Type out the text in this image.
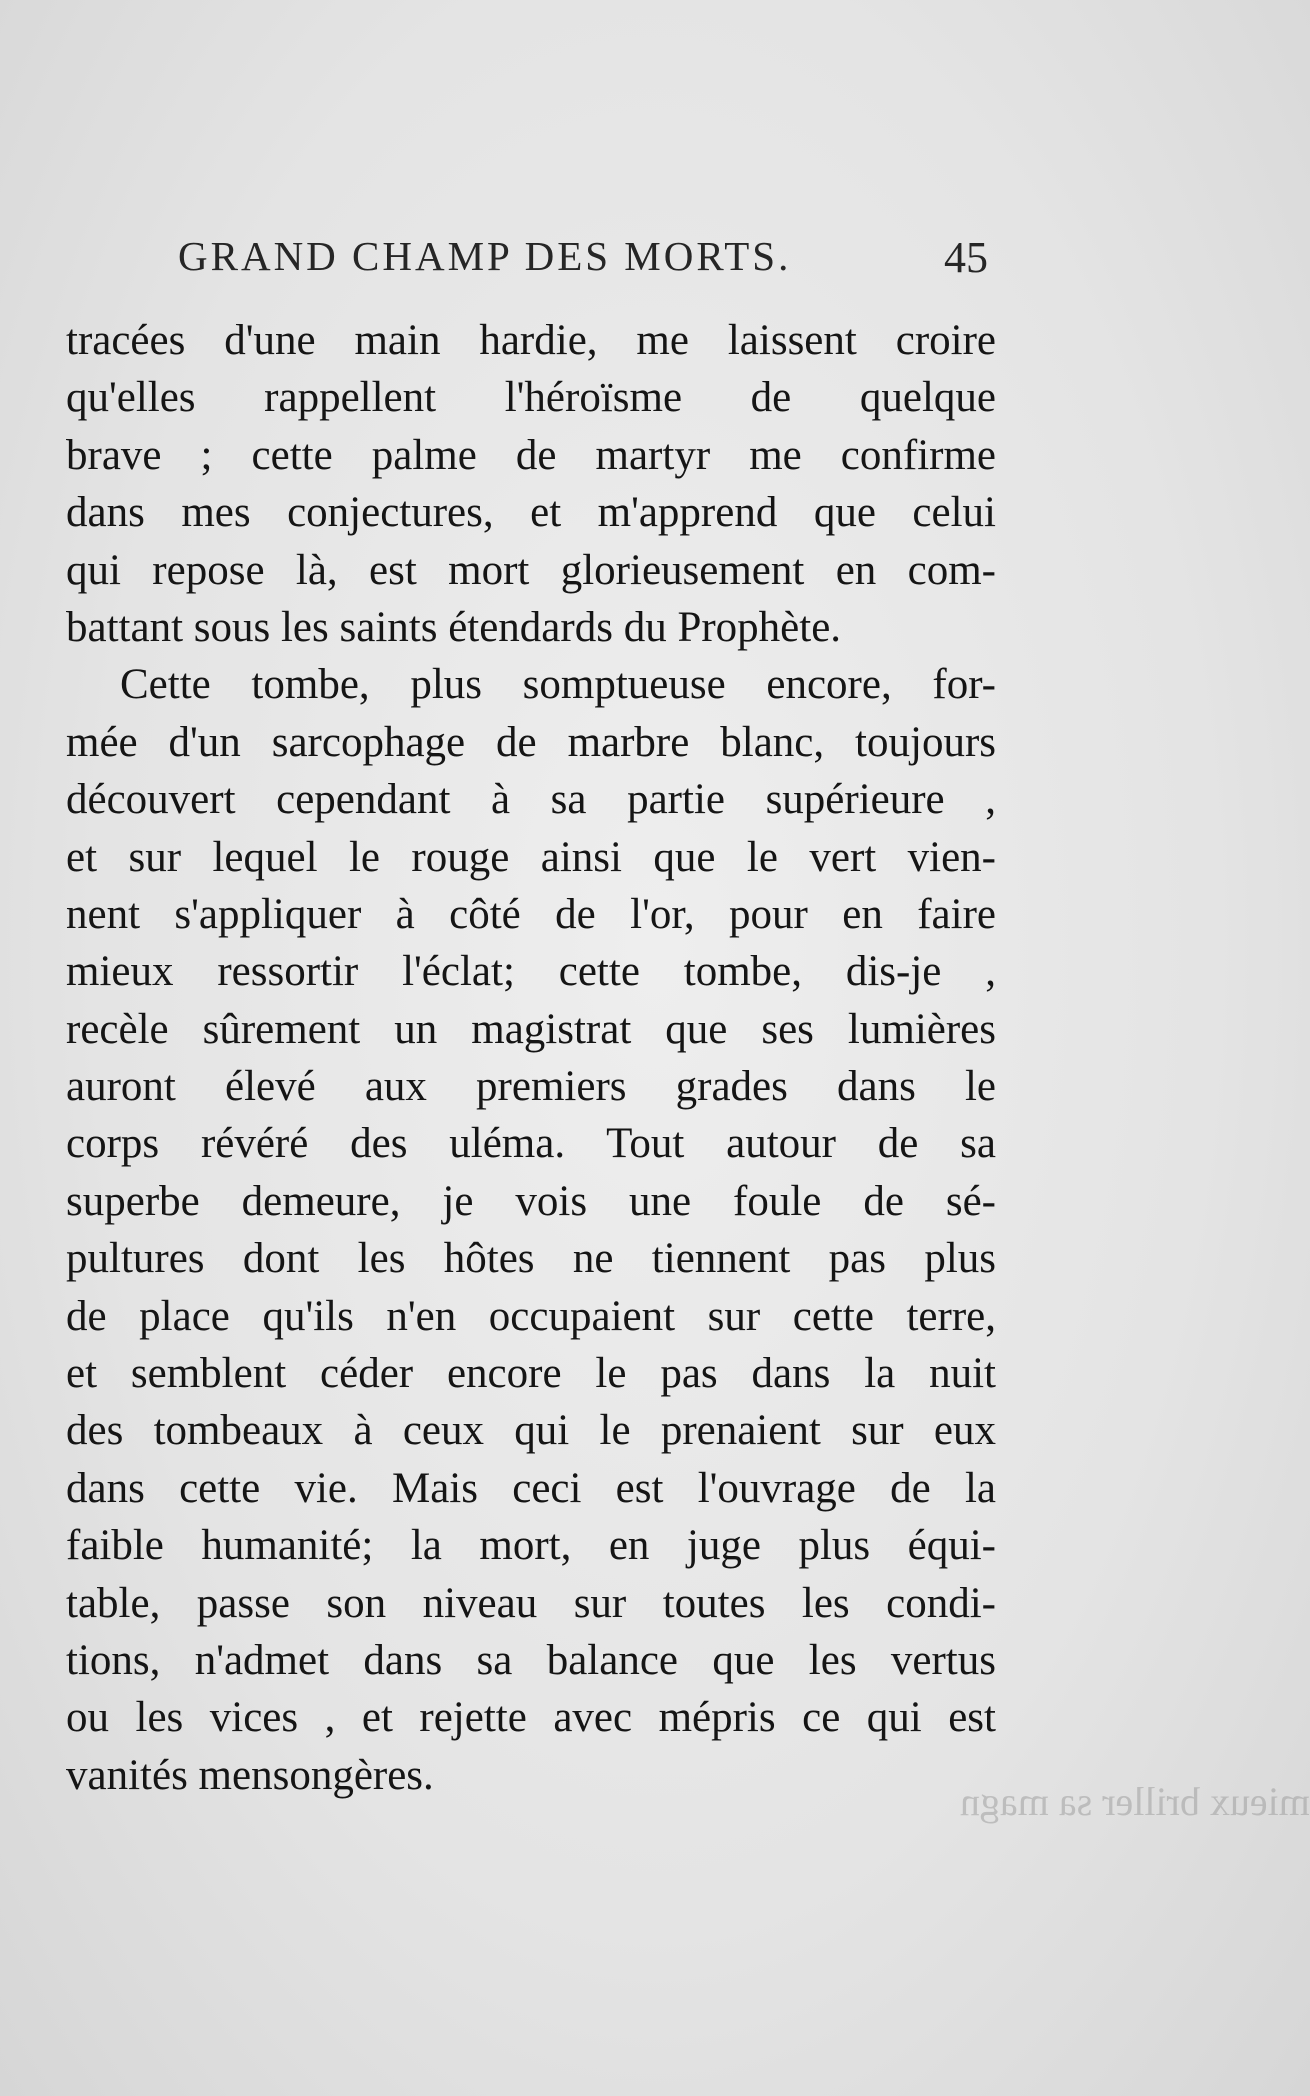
GRAND CHAMP DES MORTS.	45
tracées d'une main hardie, me laissent croire
qu'elles rappellent l'héroïsme de quelque
brave ; cette palme de martyr me confirme
dans mes conjectures, et m'apprend que celui
qui repose là, est mort glorieusement en com-
battant sous les saints étendards du Prophète.
Cette tombe, plus somptueuse encore, for-
mée d'un sarcophage de marbre blanc, toujours
découvert cependant à sa partie supérieure ,
et sur lequel le rouge ainsi que le vert vien-
nent s'appliquer à côté de l'or, pour en faire
mieux ressortir l'éclat; cette tombe, dis-je ,
recèle sûrement un magistrat que ses lumières
auront élevé aux premiers grades dans le
corps révéré des uléma. Tout autour de sa
superbe demeure, je vois une foule de sé-
pultures dont les hôtes ne tiennent pas plus
de place qu'ils n'en occupaient sur cette terre,
et semblent céder encore le pas dans la nuit
des tombeaux à ceux qui le prenaient sur eux
dans cette vie. Mais ceci est l'ouvrage de la
faible humanité; la mort, en juge plus équi-
table, passe son niveau sur toutes les condi-
tions, n'admet dans sa balance que les vertus
ou les vices , et rejette avec mépris ce qui est
vanités mensongères.
mieux briller sa magn
